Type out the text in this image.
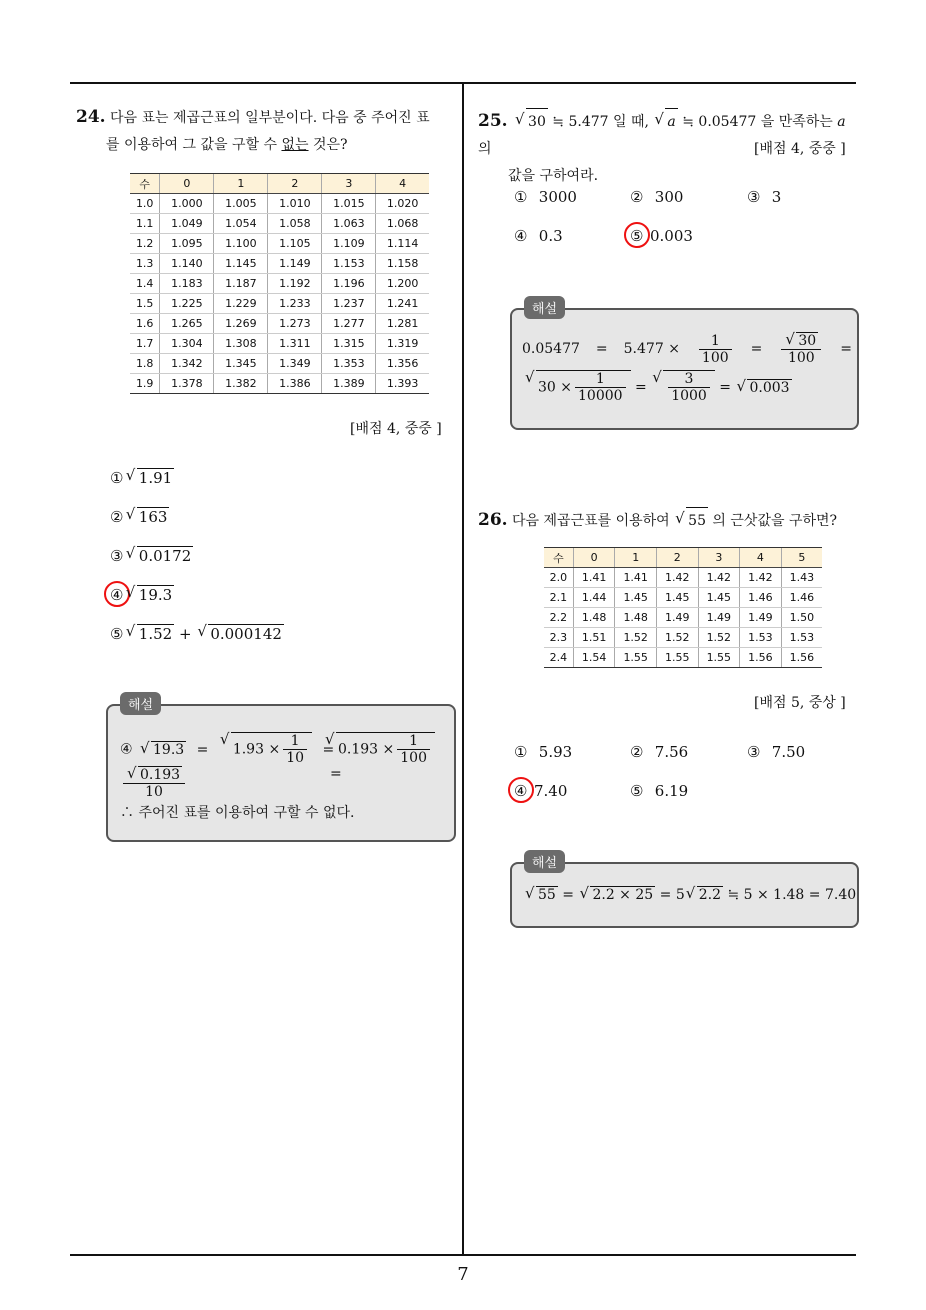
7
24. 다음 표는 제곱근표의 일부분이다. 다음 중 주어진 표
를 이용하여 그 값을 구할 수 없는 것은?
수	0	1	2	3	4
1.0	1.000	1.005	1.010	1.015	1.020
1.1	1.049	1.054	1.058	1.063	1.068
1.2	1.095	1.100	1.105	1.109	1.114
1.3	1.140	1.145	1.149	1.153	1.158
1.4	1.183	1.187	1.192	1.196	1.200
1.5	1.225	1.229	1.233	1.237	1.241
1.6	1.265	1.269	1.273	1.277	1.281
1.7	1.304	1.308	1.311	1.315	1.319
1.8	1.342	1.345	1.349	1.353	1.356
1.9	1.378	1.382	1.386	1.389	1.393
[배점 4, 중중 ]
① √ 1.91
② √ 163
③ √ 0.0172
④ √ 19.3
⑤ √ 1.52 + √ 0.000142
해설
④ √ 19.3 = √ $1.93 \times \frac{1}{10}$ = √ $0.193 \times \frac{1}{100}$
=
√ $\frac{0.193}{10}$
∴ 주어진 표를 이용하여 구할 수 없다.
25. √ 30 ≒ 5.477 일 때, √ a ≒ 0.05477 을 만족하는 a 의
값을 구하여라.
[배점 4, 중중 ]
① 3000	② 300	③ 3
④ 0.3	⑤ 0.003
해설
$0.05477 = 5.477 \times \frac{1}{100}$ = √ $\frac{30}{100}$ =
√ $30 \times \frac{1}{10000}$ = √ $\frac{3}{1000}$ = √ 0.003
26. 다음 제곱근표를 이용하여 √ 55 의 근삿값을 구하면?
수	0	1	2	3	4	5
2.0	1.41	1.41	1.42	1.42	1.42	1.43
2.1	1.44	1.45	1.45	1.45	1.46	1.46
2.2	1.48	1.48	1.49	1.49	1.49	1.50
2.3	1.51	1.52	1.52	1.52	1.53	1.53
2.4	1.54	1.55	1.55	1.55	1.56	1.56
[배점 5, 중상 ]
① 5.93	② 7.56	③ 7.50
④ 7.40	⑤ 6.19
해설
√ 55 = √ 2.2 × 25 = 5 √ 2.2 ≒ 5 × 1.48 = 7.40
